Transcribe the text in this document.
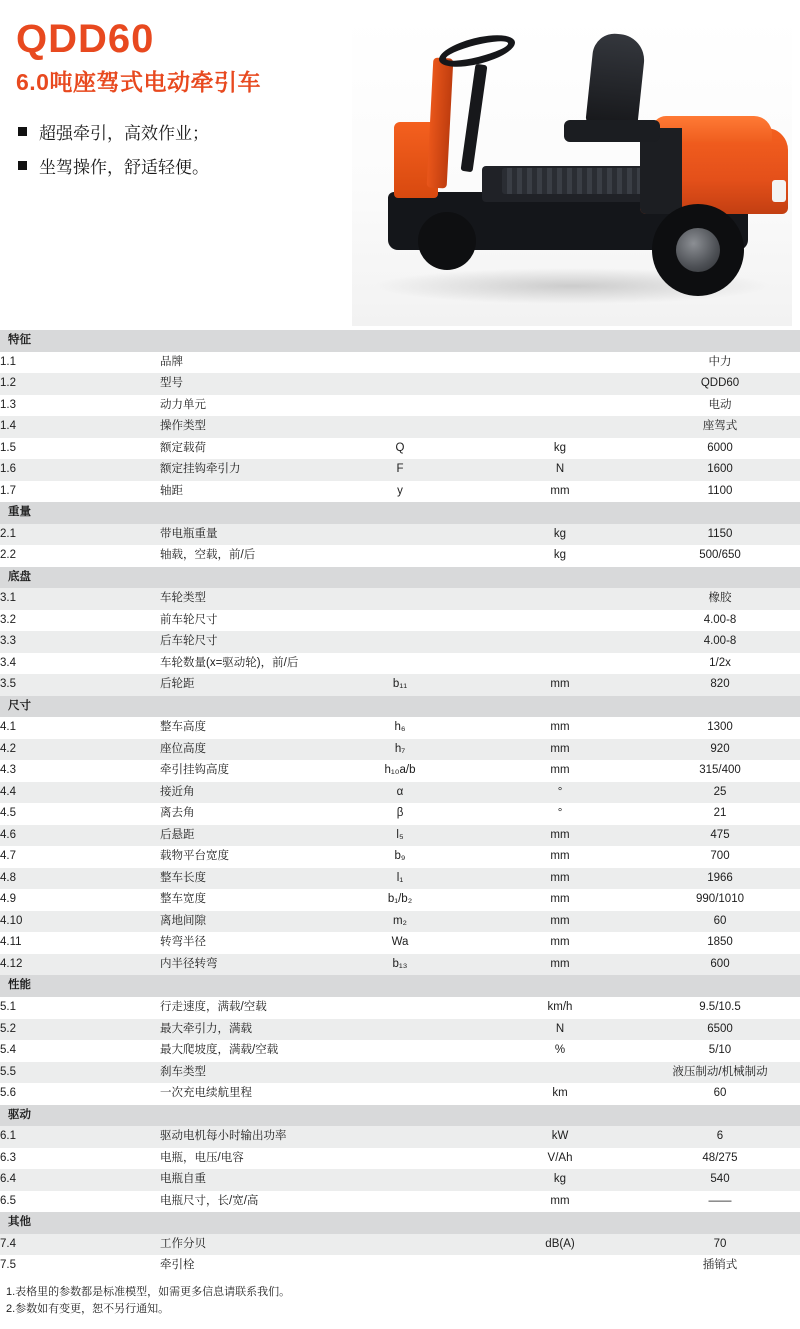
QDD60
6.0吨座驾式电动牵引车
超强牵引，高效作业；
坐驾操作，舒适轻便。
特征				
1.1	品牌			中力
1.2	型号			QDD60
1.3	动力单元			电动
1.4	操作类型			座驾式
1.5	额定载荷	Q	kg	6000
1.6	额定挂钩牵引力	F	N	1600
1.7	轴距	y	mm	1100
重量				
2.1	带电瓶重量		kg	1150
2.2	轴载，空载，前/后		kg	500/650
底盘				
3.1	车轮类型			橡胶
3.2	前车轮尺寸			4.00-8
3.3	后车轮尺寸			4.00-8
3.4	车轮数量(x=驱动轮)，前/后			1/2x
3.5	后轮距	b₁₁	mm	820
尺寸				
4.1	整车高度	h₆	mm	1300
4.2	座位高度	h₇	mm	920
4.3	牵引挂钩高度	h₁₀a/b	mm	315/400
4.4	接近角	α	°	25
4.5	离去角	β	°	21
4.6	后悬距	l₅	mm	475
4.7	载物平台宽度	b₉	mm	700
4.8	整车长度	l₁	mm	1966
4.9	整车宽度	b₁/b₂	mm	990/1010
4.10	离地间隙	m₂	mm	60
4.11	转弯半径	Wa	mm	1850
4.12	内半径转弯	b₁₃	mm	600
性能				
5.1	行走速度，满载/空载		km/h	9.5/10.5
5.2	最大牵引力，满载		N	6500
5.4	最大爬坡度，满载/空载		%	5/10
5.5	刹车类型			液压制动/机械制动
5.6	一次充电续航里程		km	60
驱动				
6.1	驱动电机每小时输出功率		kW	6
6.3	电瓶，电压/电容		V/Ah	48/275
6.4	电瓶自重		kg	540
6.5	电瓶尺寸，长/宽/高		mm	——
其他				
7.4	工作分贝		dB(A)	70
7.5	牵引栓			插销式
1.表格里的参数都是标准模型，如需更多信息请联系我们。
2.参数如有变更，恕不另行通知。
